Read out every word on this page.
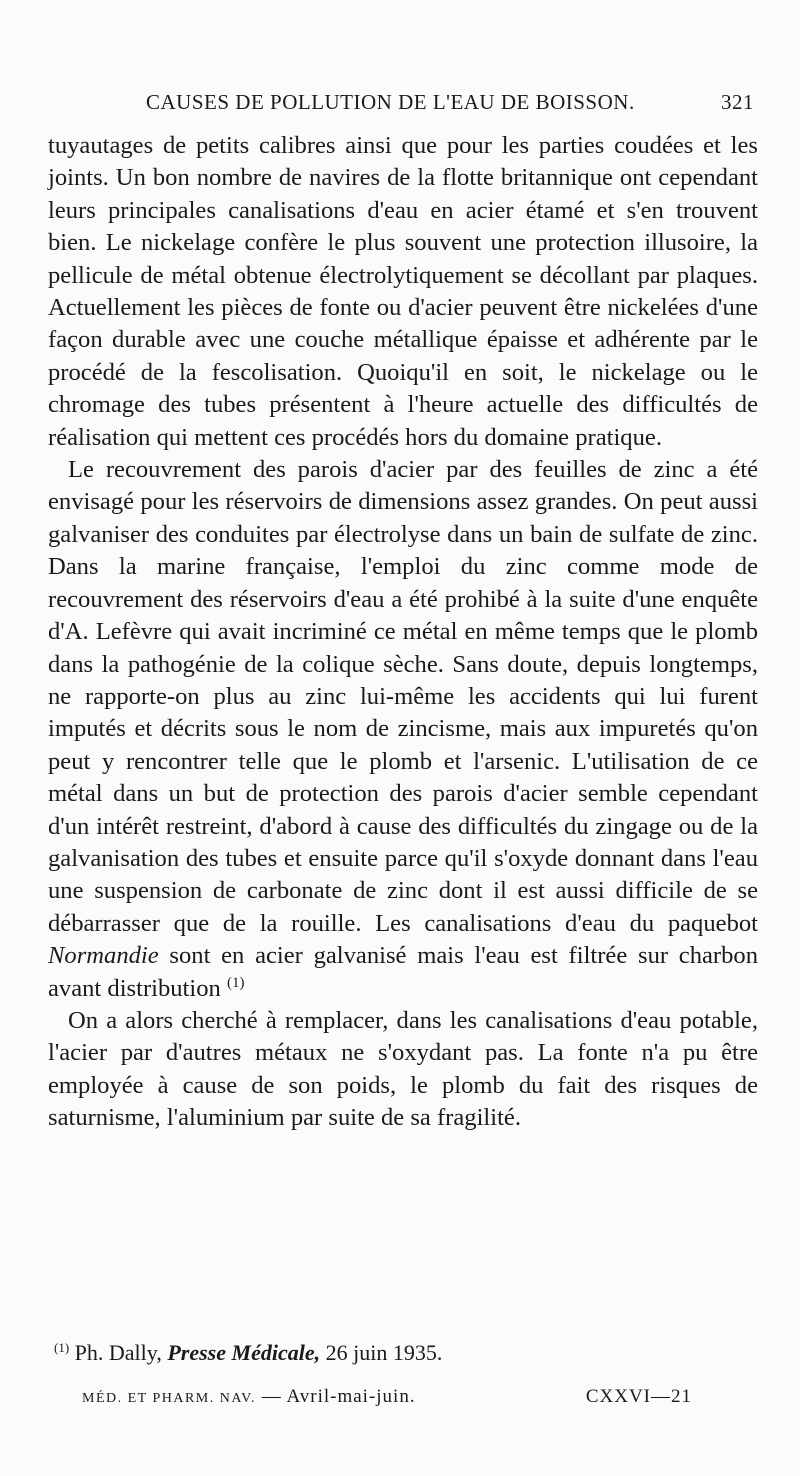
CAUSES DE POLLUTION DE L'EAU DE BOISSON.	321

tuyautages de petits calibres ainsi que pour les parties coudées et les joints. Un bon nombre de navires de la flotte britannique ont cependant leurs principales canalisations d'eau en acier étamé et s'en trouvent bien. Le nickelage confère le plus souvent une protection illusoire, la pellicule de métal obtenue électrolytiquement se décollant par plaques. Actuellement les pièces de fonte ou d'acier peuvent être nickelées d'une façon durable avec une couche métallique épaisse et adhérente par le procédé de la fescolisation. Quoiqu'il en soit, le nickelage ou le chromage des tubes présentent à l'heure actuelle des difficultés de réalisation qui mettent ces procédés hors du domaine pratique.

Le recouvrement des parois d'acier par des feuilles de zinc a été envisagé pour les réservoirs de dimensions assez grandes. On peut aussi galvaniser des conduites par électrolyse dans un bain de sulfate de zinc. Dans la marine française, l'emploi du zinc comme mode de recouvrement des réservoirs d'eau a été prohibé à la suite d'une enquête d'A. Lefèvre qui avait incriminé ce métal en même temps que le plomb dans la pathogénie de la colique sèche. Sans doute, depuis longtemps, ne rapporte-on plus au zinc lui-même les accidents qui lui furent imputés et décrits sous le nom de zincisme, mais aux impuretés qu'on peut y rencontrer telle que le plomb et l'arsenic. L'utilisation de ce métal dans un but de protection des parois d'acier semble cependant d'un intérêt restreint, d'abord à cause des difficultés du zingage ou de la galvanisation des tubes et ensuite parce qu'il s'oxyde donnant dans l'eau une suspension de carbonate de zinc dont il est aussi difficile de se débarrasser que de la rouille. Les canalisations d'eau du paquebot Normandie sont en acier galvanisé mais l'eau est filtrée sur charbon avant distribution $^{(1)}$

On a alors cherché à remplacer, dans les canalisations d'eau potable, l'acier par d'autres métaux ne s'oxydant pas. La fonte n'a pu être employée à cause de son poids, le plomb du fait des risques de saturnisme, l'aluminium par suite de sa fragilité.

$^{(1)}$ Ph. Dally, Presse Médicale, 26 juin 1935.
MÉD. ET PHARM. NAV. — Avril-mai-juin.	CXXVI—21
